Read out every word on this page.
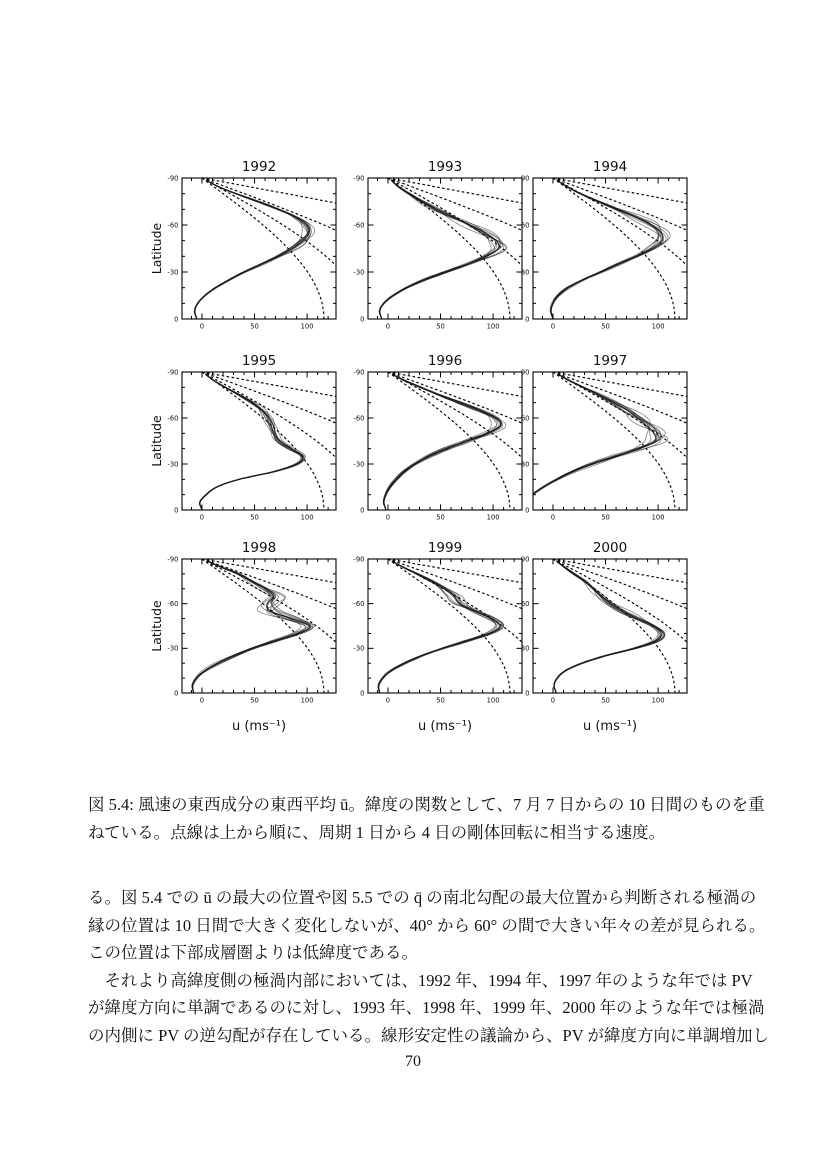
0	50	100
0
-30
-60
-90
1992
Latitude
0	50	100
0
-30
-60
-90
1993
0	50	100
0
-30
-60
-90
1994
0	50	100
0
-30
-60
-90
1995
Latitude
0	50	100
0
-30
-60
-90
1996
0	50	100
0
-30
-60
-90
1997
0	50	100
0
-30
-60
-90
1998
Latitude
u (ms⁻¹)
0	50	100
0
-30
-60
-90
1999
u (ms⁻¹)
0	50	100
0
-30
-60
-90
2000
u (ms⁻¹)
図 5.4: 風速の東西成分の東西平均 ū。緯度の関数として、7 月 7 日からの 10 日間のものを重
ねている。点線は上から順に、周期 1 日から 4 日の剛体回転に相当する速度。
る。図 5.4 での ū の最大の位置や図 5.5 での q̄ の南北勾配の最大位置から判断される極渦の
縁の位置は 10 日間で大きく変化しないが、40° から 60° の間で大きい年々の差が見られる。
この位置は下部成層圏よりは低緯度である。
　それより高緯度側の極渦内部においては、1992 年、1994 年、1997 年のような年では PV
が緯度方向に単調であるのに対し、1993 年、1998 年、1999 年、2000 年のような年では極渦
の内側に PV の逆勾配が存在している。線形安定性の議論から、PV が緯度方向に単調増加し
70
